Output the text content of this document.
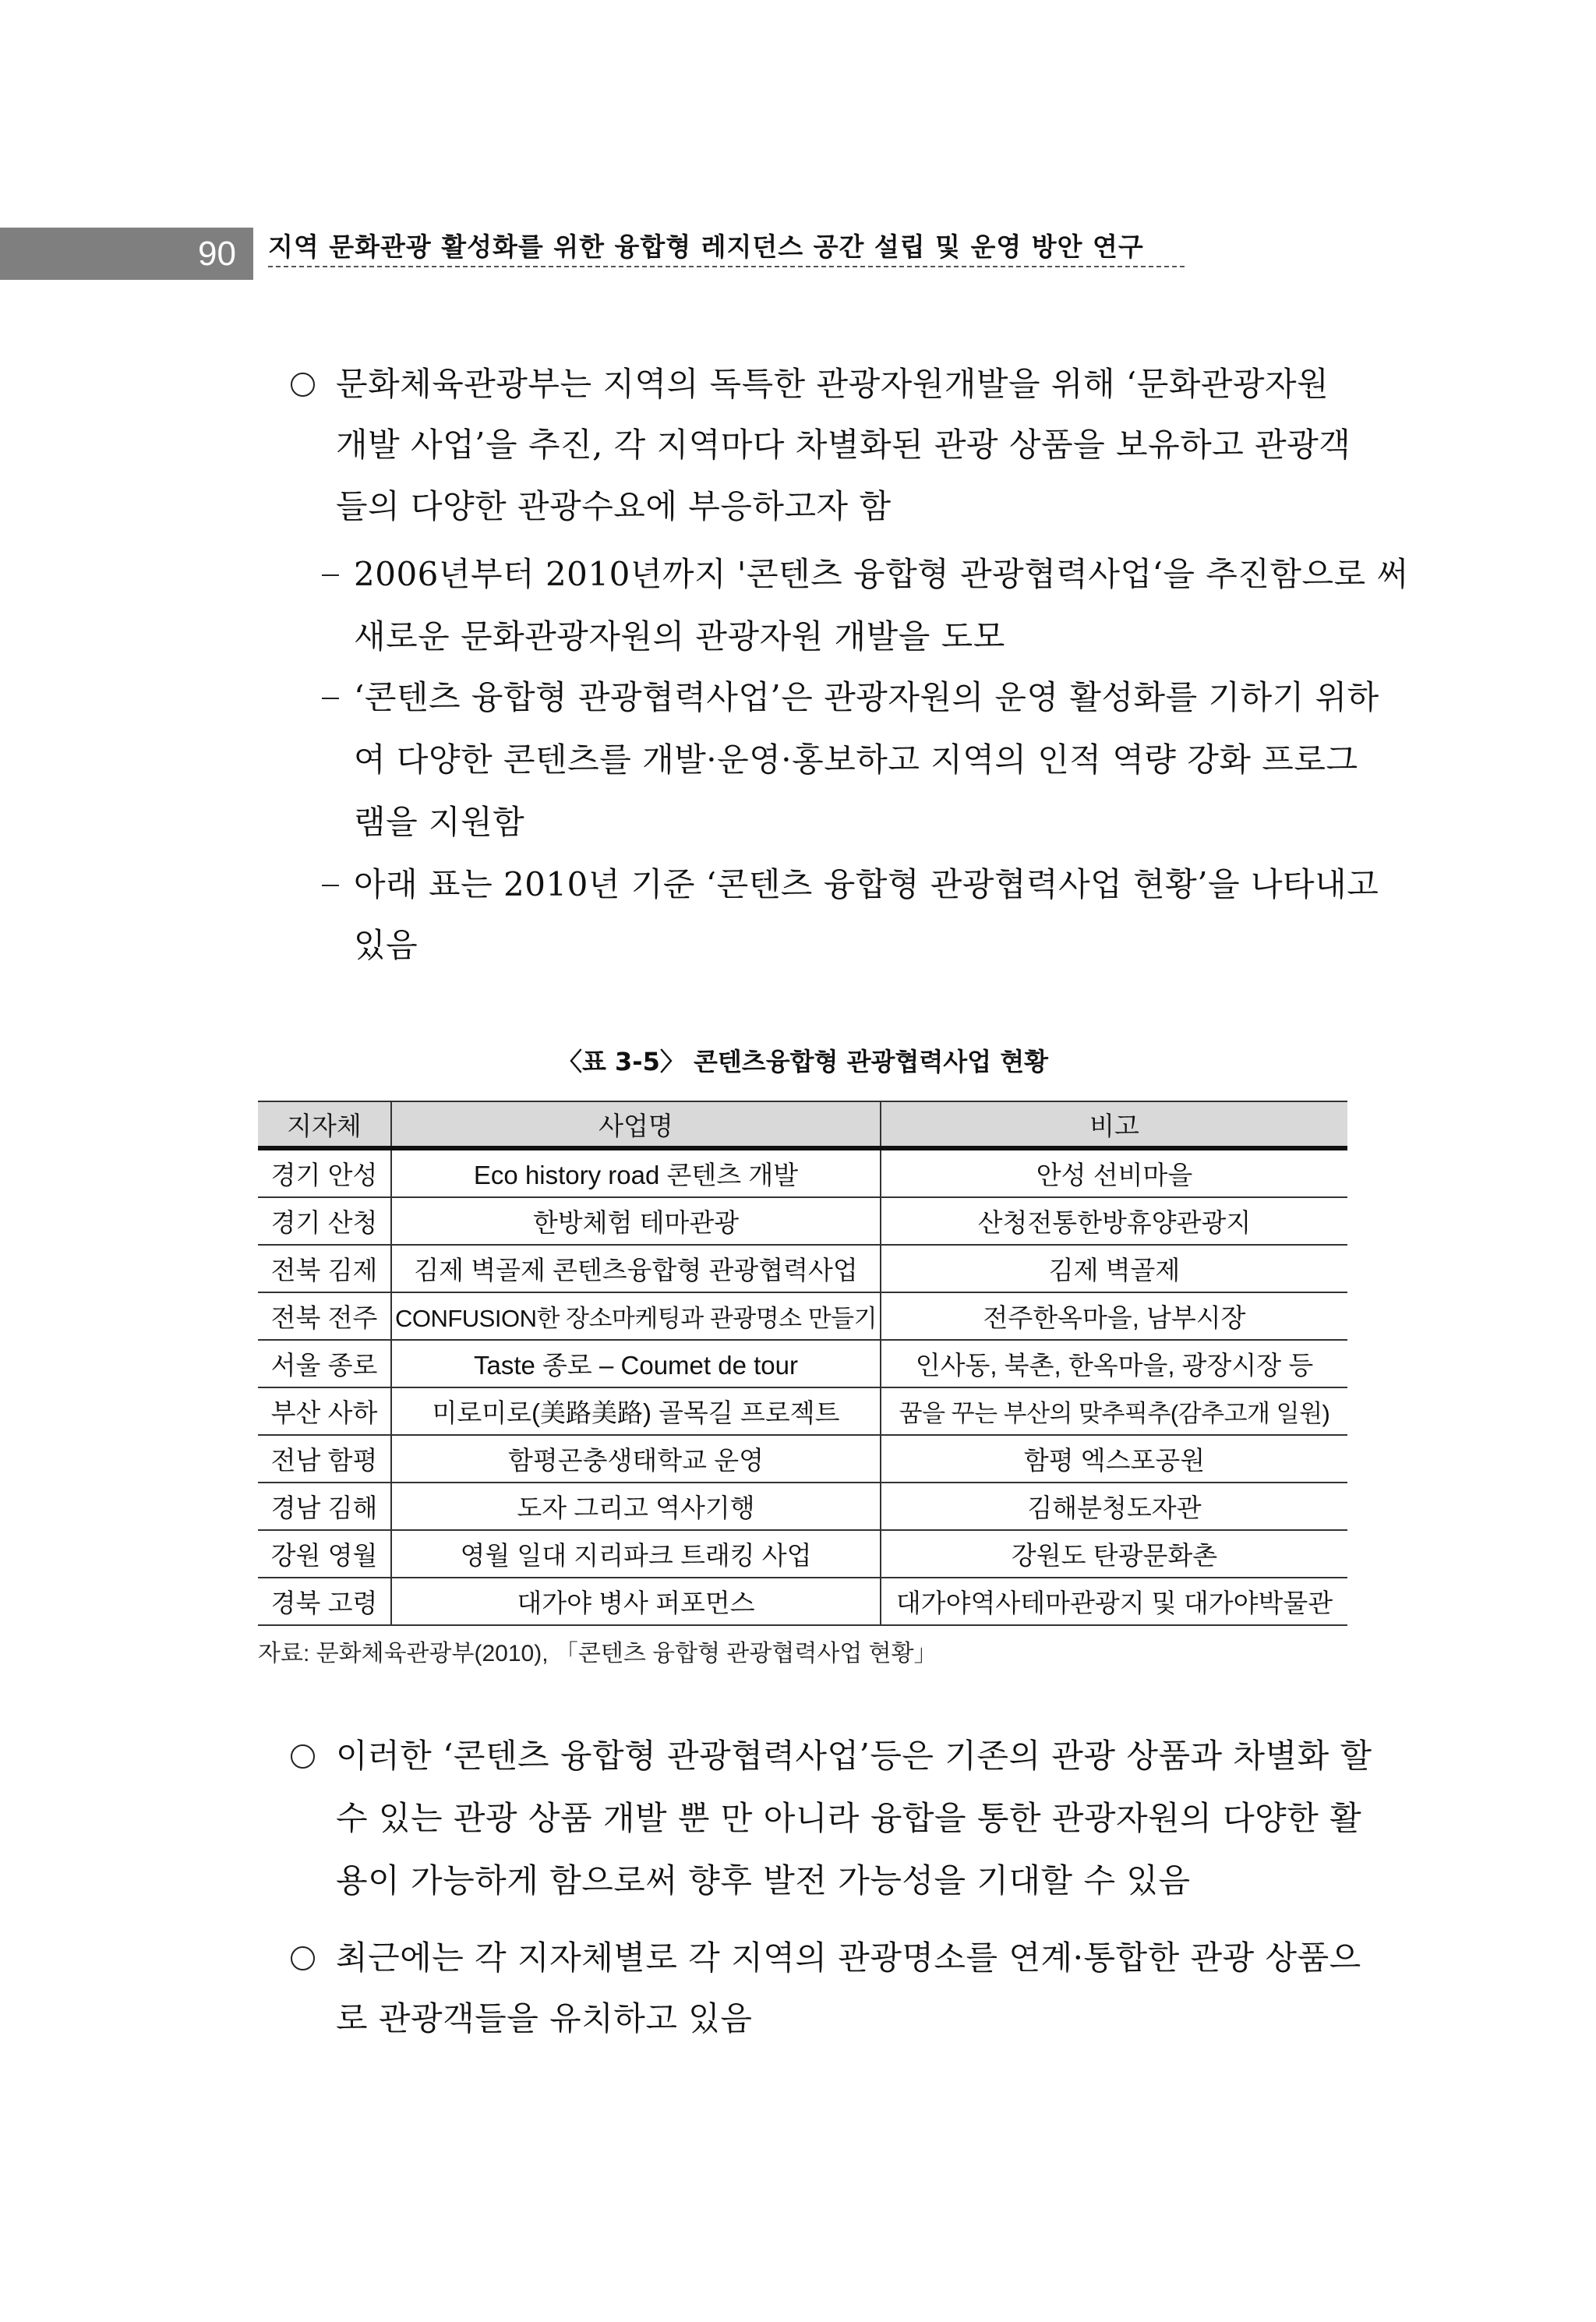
90 지역 문화관광 활성화를 위한 융합형 레지던스 공간 설립 및 운영 방안 연구
문화체육관광부는 지역의 독특한 관광자원개발을 위해 ‘문화관광자원
개발 사업’을 추진, 각 지역마다 차별화된 관광 상품을 보유하고 관광객
들의 다양한 관광수요에 부응하고자 함
2006년부터 2010년까지 '콘텐츠 융합형 관광협력사업‘을 추진함으로 써
새로운 문화관광자원의 관광자원 개발을 도모
‘콘텐츠 융합형 관광협력사업’은 관광자원의 운영 활성화를 기하기 위하
여 다양한 콘텐츠를 개발·운영·홍보하고 지역의 인적 역량 강화 프로그
램을 지원함
아래 표는 2010년 기준 ‘콘텐츠 융합형 관광협력사업 현황’을 나타내고
있음
〈표 3-5〉 콘텐츠융합형 관광협력사업 현황
지자체	사업명	비고
경기 안성	Eco history road 콘텐츠 개발	안성 선비마을
경기 산청	한방체험 테마관광	산청전통한방휴양관광지
전북 김제	김제 벽골제 콘텐츠융합형 관광협력사업	김제 벽골제
전북 전주	CONFUSION한 장소마케팅과 관광명소 만들기	전주한옥마을, 남부시장
서울 종로	Taste 종로 – Coumet de tour	인사동, 북촌, 한옥마을, 광장시장 등
부산 사하	미로미로(美路美路) 골목길 프로젝트	꿈을 꾸는 부산의 맞추픽추(감추고개 일원)
전남 함평	함평곤충생태학교 운영	함평 엑스포공원
경남 김해	도자 그리고 역사기행	김해분청도자관
강원 영월	영월 일대 지리파크 트래킹 사업	강원도 탄광문화촌
경북 고령	대가야 병사 퍼포먼스	대가야역사테마관광지 및 대가야박물관
자료: 문화체육관광부(2010), 「콘텐츠 융합형 관광협력사업 현황」
이러한 ‘콘텐츠 융합형 관광협력사업’등은 기존의 관광 상품과 차별화 할
수 있는 관광 상품 개발 뿐 만 아니라 융합을 통한 관광자원의 다양한 활
용이 가능하게 함으로써 향후 발전 가능성을 기대할 수 있음
최근에는 각 지자체별로 각 지역의 관광명소를 연계·통합한 관광 상품으
로 관광객들을 유치하고 있음
